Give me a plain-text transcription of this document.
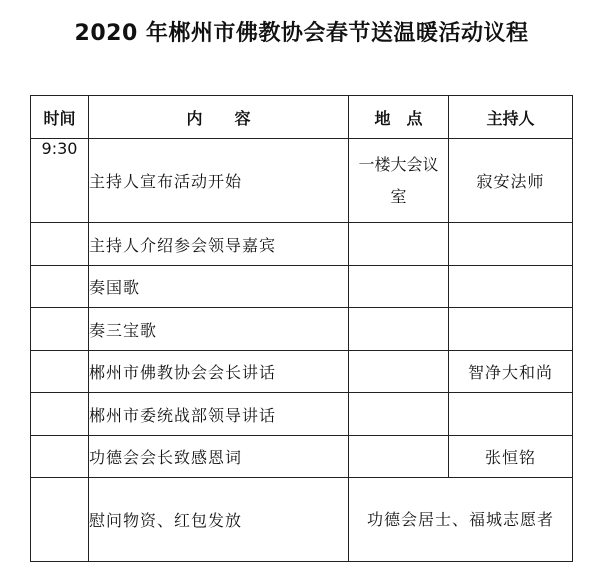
2020 年郴州市佛教协会春节送温暖活动议程
时间	内　　容	地　点	主持人
9:30	主持人宣布活动开始	一楼大会议室	寂安法师
	主持人介绍参会领导嘉宾		
	奏国歌		
	奏三宝歌		
	郴州市佛教协会会长讲话		智净大和尚
	郴州市委统战部领导讲话		
	功德会会长致感恩词		张恒铭
	慰问物资、红包发放	功德会居士、福城志愿者	
